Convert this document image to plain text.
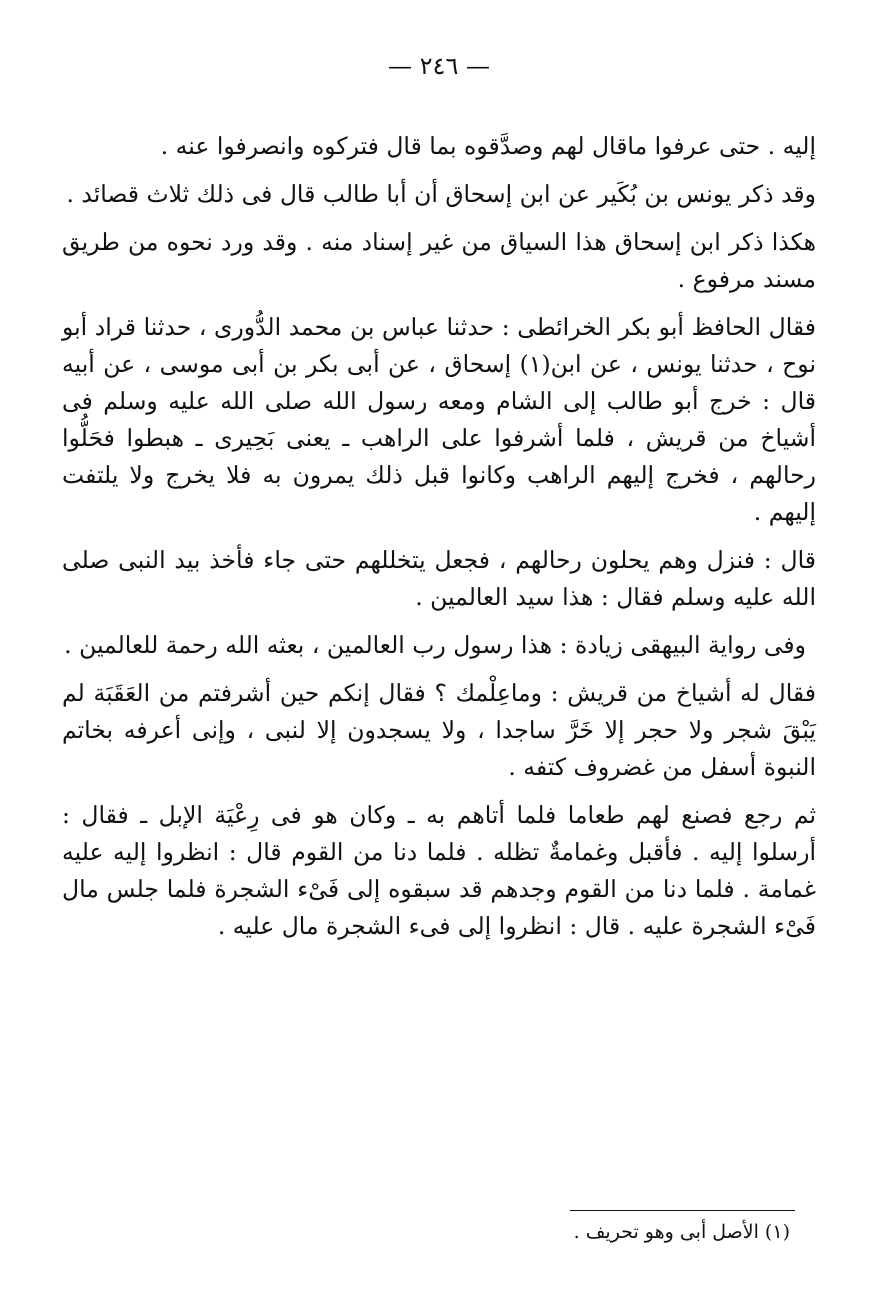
— ٢٤٦ —

إليه . حتى عرفوا ماقال لهم وصدَّقوه بما قال فتركوه وانصرفوا عنه .

وقد ذكر يونس بن بُكَير عن ابن إسحاق أن أبا طالب قال فى ذلك ثلاث قصائد .

هكذا ذكر ابن إسحاق هذا السياق من غير إسناد منه . وقد ورد نحوه من طريق مسند مرفوع .

فقال الحافظ أبو بكر الخرائطى : حدثنا عباس بن محمد الدُّورى ، حدثنا قراد أبو نوح ، حدثنا يونس ، عن ابن(١) إسحاق ، عن أبى بكر بن أبى موسى ، عن أبيه قال : خرج أبو طالب إلى الشام ومعه رسول الله صلى الله عليه وسلم فى أشياخ من قريش ، فلما أشرفوا على الراهب ـ يعنى بَحِيرى ـ هبطوا فحَلُّوا رحالهم ، فخرج إليهم الراهب وكانوا قبل ذلك يمرون به فلا يخرج ولا يلتفت إليهم .

قال : فنزل وهم يحلون رحالهم ، فجعل يتخللهم حتى جاء فأخذ بيد النبى صلى الله عليه وسلم فقال : هذا سيد العالمين .

وفى رواية البيهقى زيادة : هذا رسول رب العالمين ، بعثه الله رحمة للعالمين .

فقال له أشياخ من قريش : وماعِلْمك ؟ فقال إنكم حين أشرفتم من العَقَبَة لم يَبْقَ شجر ولا حجر إلا خَرَّ ساجدا ، ولا يسجدون إلا لنبى ، وإنى أعرفه بخاتم النبوة أسفل من غضروف كتفه .

ثم رجع فصنع لهم طعاما فلما أتاهم به ـ وكان هو فى رِعْيَة الإبل ـ فقال : أرسلوا إليه . فأقبل وغمامةٌ تظله . فلما دنا من القوم قال : انظروا إليه عليه غمامة . فلما دنا من القوم وجدهم قد سبقوه إلى فَىْء الشجرة فلما جلس مال فَىْء الشجرة عليه . قال : انظروا إلى فىء الشجرة مال عليه .

(١) الأصل أبى وهو تحريف .
